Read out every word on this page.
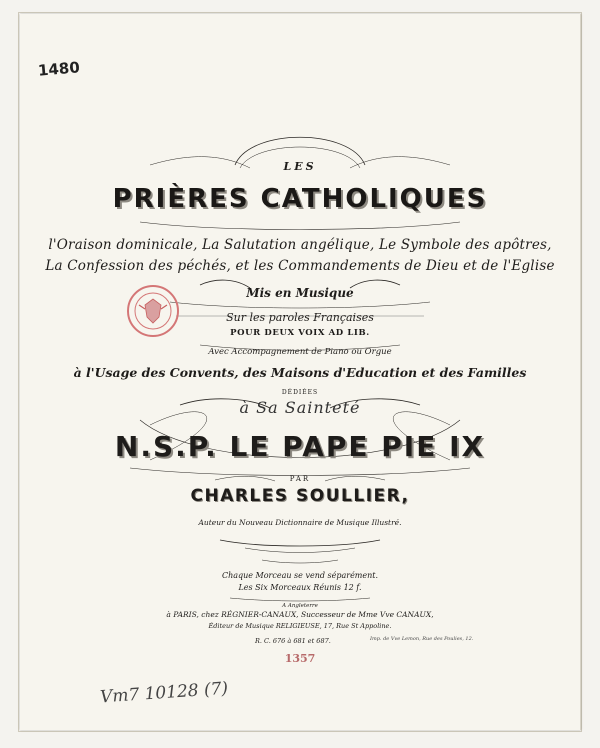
1480
LES
PRIÈRES CATHOLIQUES
l'Oraison dominicale, La Salutation angélique, Le Symbole des apôtres,
La Confession des péchés, et les Commandements de Dieu et de l'Eglise
Mis en Musique
Sur les paroles Françaises
POUR DEUX VOIX AD LIB.
Avec Accompagnement de Piano ou Orgue
à l'Usage des Convents, des Maisons d'Education et des Familles
DÉDIÉES
à Sa Sainteté
N.S.P. LE PAPE PIE IX
PAR
CHARLES SOULLIER,
Auteur du Nouveau Dictionnaire de Musique Illustré.
Chaque Morceau se vend séparément.
Les Six Morceaux Réunis 12 f.
A Angleterre
à PARIS, chez RÉGNIER-CANAUX, Successeur de Mme Vve CANAUX,
Éditeur de Musique RELIGIEUSE, 17, Rue St Appoline.
R. C. 676 à 681 et 687.	Imp. de Vve Lemon, Rue des Poulies, 12.
1357
Vm7 10128 (7)
